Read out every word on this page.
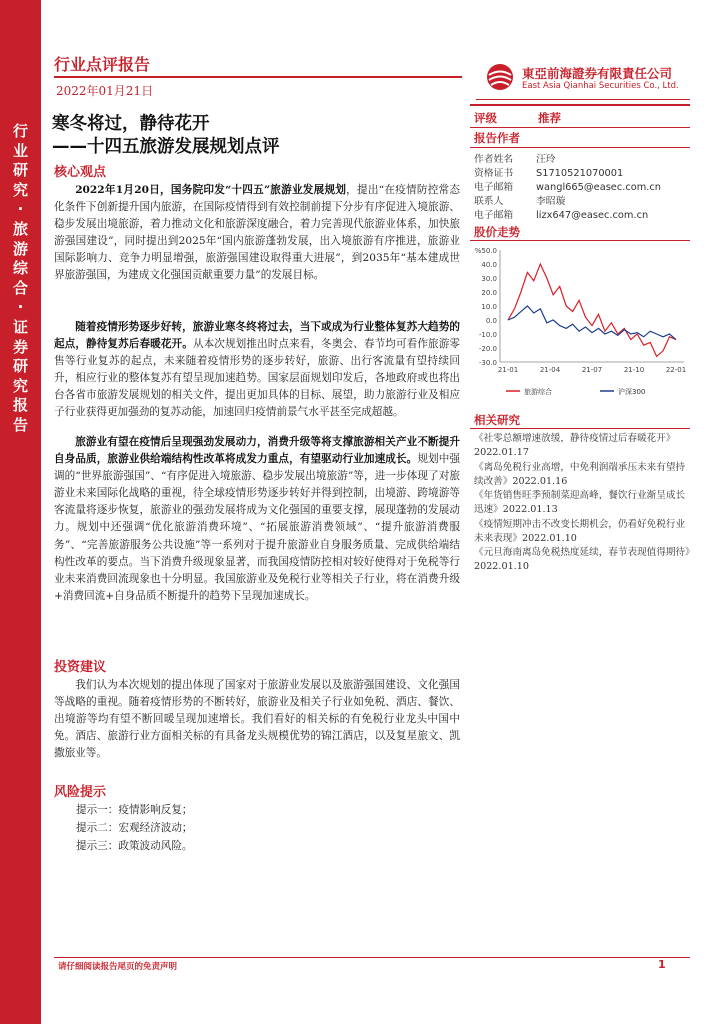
行
业
研
究
·
旅
游
综
合
·
证
券
研
究
报
告
行业点评报告
2022年01月21日
東亞前海證券有限責任公司
East Asia Qianhai Securities Co., Ltd.
寒冬将过，静待花开
——十四五旅游发展规划点评
核心观点
2022年1月20日，国务院印发“十四五”旅游业发展规划，提出“在疫情防控常态化条件下创新提升国内旅游，在国际疫情得到有效控制前提下分步有序促进入境旅游、稳步发展出境旅游，着力推动文化和旅游深度融合，着力完善现代旅游业体系，加快旅游强国建设”，同时提出到2025年“国内旅游蓬勃发展，出入境旅游有序推进，旅游业国际影响力、竞争力明显增强，旅游强国建设取得重大进展”，到2035年“基本建成世界旅游强国，为建成文化强国贡献重要力量”的发展目标。
随着疫情形势逐步好转，旅游业寒冬终将过去，当下或成为行业整体复苏大趋势的起点，静待复苏后春暖花开。从本次规划推出时点来看，冬奥会、春节均可看作旅游零售等行业复苏的起点，未来随着疫情形势的逐步转好，旅游、出行客流量有望持续回升，相应行业的整体复苏有望呈现加速趋势。国家层面规划印发后，各地政府或也将出台各省市旅游发展规划的相关文件，提出更加具体的目标、展望，助力旅游行业及相应子行业获得更加强劲的复苏动能，加速回归疫情前景气水平甚至完成超越。
旅游业有望在疫情后呈现强劲发展动力，消费升级等将支撑旅游相关产业不断提升自身品质，旅游业供给端结构性改革将成发力重点，有望驱动行业加速成长。规划中强调的“世界旅游强国”、“有序促进入境旅游、稳步发展出境旅游”等，进一步体现了对旅游业未来国际化战略的重视，待全球疫情形势逐步转好并得到控制，出境游、跨境游等客流量将逐步恢复，旅游业的强劲发展将成为文化强国的重要支撑，展现蓬勃的发展动力。规划中还强调“优化旅游消费环境”、“拓展旅游消费领域”、“提升旅游消费服务”、“完善旅游服务公共设施”等一系列对于提升旅游业自身服务质量、完成供给端结构性改革的要点。当下消费升级现象显著，而我国疫情防控相对较好使得对于免税等行业未来消费回流现象也十分明显。我国旅游业及免税行业等相关子行业，将在消费升级+消费回流+自身品质不断提升的趋势下呈现加速成长。
投资建议
我们认为本次规划的提出体现了国家对于旅游业发展以及旅游强国建设、文化强国等战略的重视。随着疫情形势的不断转好，旅游业及相关子行业如免税、酒店、餐饮、出境游等均有望不断回暖呈现加速增长。我们看好的相关标的有免税行业龙头中国中免。酒店、旅游行业方面相关标的有具备龙头规模优势的锦江酒店，以及复星旅文、凯撒旅业等。
风险提示
提示一：疫情影响反复；
提示二：宏观经济波动；
提示三：政策波动风险。
评级	推荐
报告作者
作者姓名 汪玲
资格证书 S1710521070001
电子邮箱 wangl665@easec.com.cn
联系人	李昭璇
电子邮箱 lizx647@easec.com.cn
股价走势
%50.0
40.0
30.0
20.0
10.0
0.0
-10.0
-20.0
-30.0
21-01	21-04	21-07	21-10	22-01
旅游综合	沪深300
相关研究
《社零总额增速放缓，静待疫情过后春暖花开》2022.01.17
《离岛免税行业高增，中免利润端承压未来有望持续改善》2022.01.16
《年货销售旺季预制菜迎高峰，餐饮行业渐呈成长迅速》2022.01.13
《疫情短期冲击不改变长期机会，仍看好免税行业未来表现》2022.01.10
《元旦海南离岛免税热度延续，春节表现值得期待》2022.01.10
请仔细阅读报告尾页的免责声明	1
